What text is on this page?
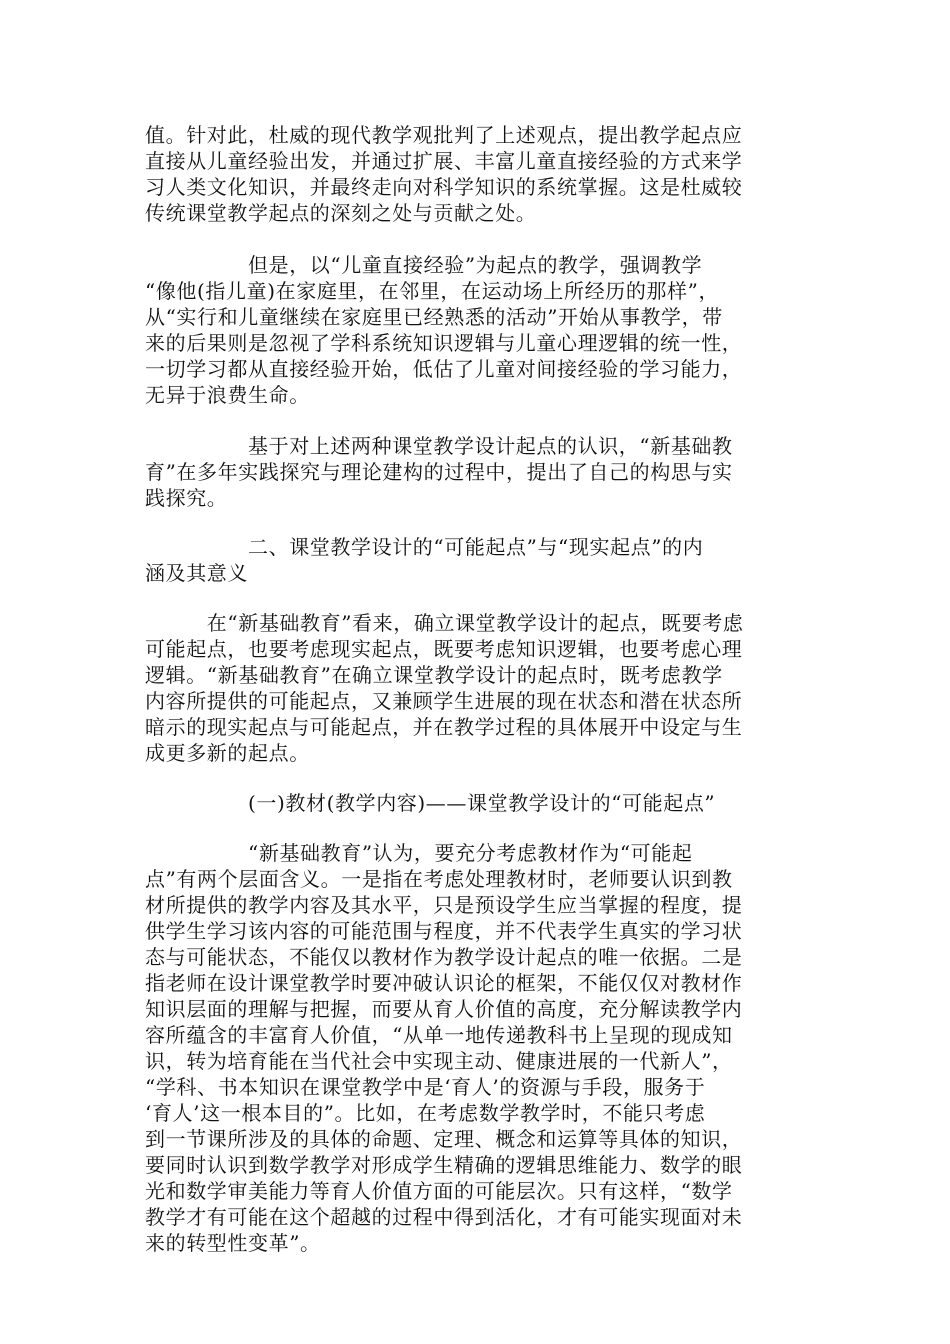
值。针对此，杜威的现代教学观批判了上述观点，提出教学起点应
直接从儿童经验出发，并通过扩展、丰富儿童直接经验的方式来学
习人类文化知识，并最终走向对科学知识的系统掌握。这是杜威较
传统课堂教学起点的深刻之处与贡献之处。
　　　　　但是，以“儿童直接经验”为起点的教学，强调教学
“像他(指儿童)在家庭里，在邻里，在运动场上所经历的那样”，
从“实行和儿童继续在家庭里已经熟悉的活动”开始从事教学，带
来的后果则是忽视了学科系统知识逻辑与儿童心理逻辑的统一性，
一切学习都从直接经验开始，低估了儿童对间接经验的学习能力，
无异于浪费生命。
　　　　　基于对上述两种课堂教学设计起点的认识，“新基础教
育”在多年实践探究与理论建构的过程中，提出了自己的构思与实
践探究。
　　　　　二、课堂教学设计的“可能起点”与“现实起点”的内
涵及其意义
　　　在“新基础教育”看来，确立课堂教学设计的起点，既要考虑
可能起点，也要考虑现实起点，既要考虑知识逻辑，也要考虑心理
逻辑。“新基础教育”在确立课堂教学设计的起点时，既考虑教学
内容所提供的可能起点，又兼顾学生进展的现在状态和潜在状态所
暗示的现实起点与可能起点，并在教学过程的具体展开中设定与生
成更多新的起点。
　　　　　(一)教材(教学内容)——课堂教学设计的“可能起点”
　　　　　“新基础教育”认为，要充分考虑教材作为“可能起
点”有两个层面含义。一是指在考虑处理教材时，老师要认识到教
材所提供的教学内容及其水平，只是预设学生应当掌握的程度，提
供学生学习该内容的可能范围与程度，并不代表学生真实的学习状
态与可能状态，不能仅以教材作为教学设计起点的唯一依据。二是
指老师在设计课堂教学时要冲破认识论的框架，不能仅仅对教材作
知识层面的理解与把握，而要从育人价值的高度，充分解读教学内
容所蕴含的丰富育人价值，“从单一地传递教科书上呈现的现成知
识，转为培育能在当代社会中实现主动、健康进展的一代新人”，
“学科、书本知识在课堂教学中是‘育人’的资源与手段，服务于
‘育人’这一根本目的”。比如，在考虑数学教学时，不能只考虑
到一节课所涉及的具体的命题、定理、概念和运算等具体的知识，
要同时认识到数学教学对形成学生精确的逻辑思维能力、数学的眼
光和数学审美能力等育人价值方面的可能层次。只有这样，“数学
教学才有可能在这个超越的过程中得到活化，才有可能实现面对未
来的转型性变革”。
